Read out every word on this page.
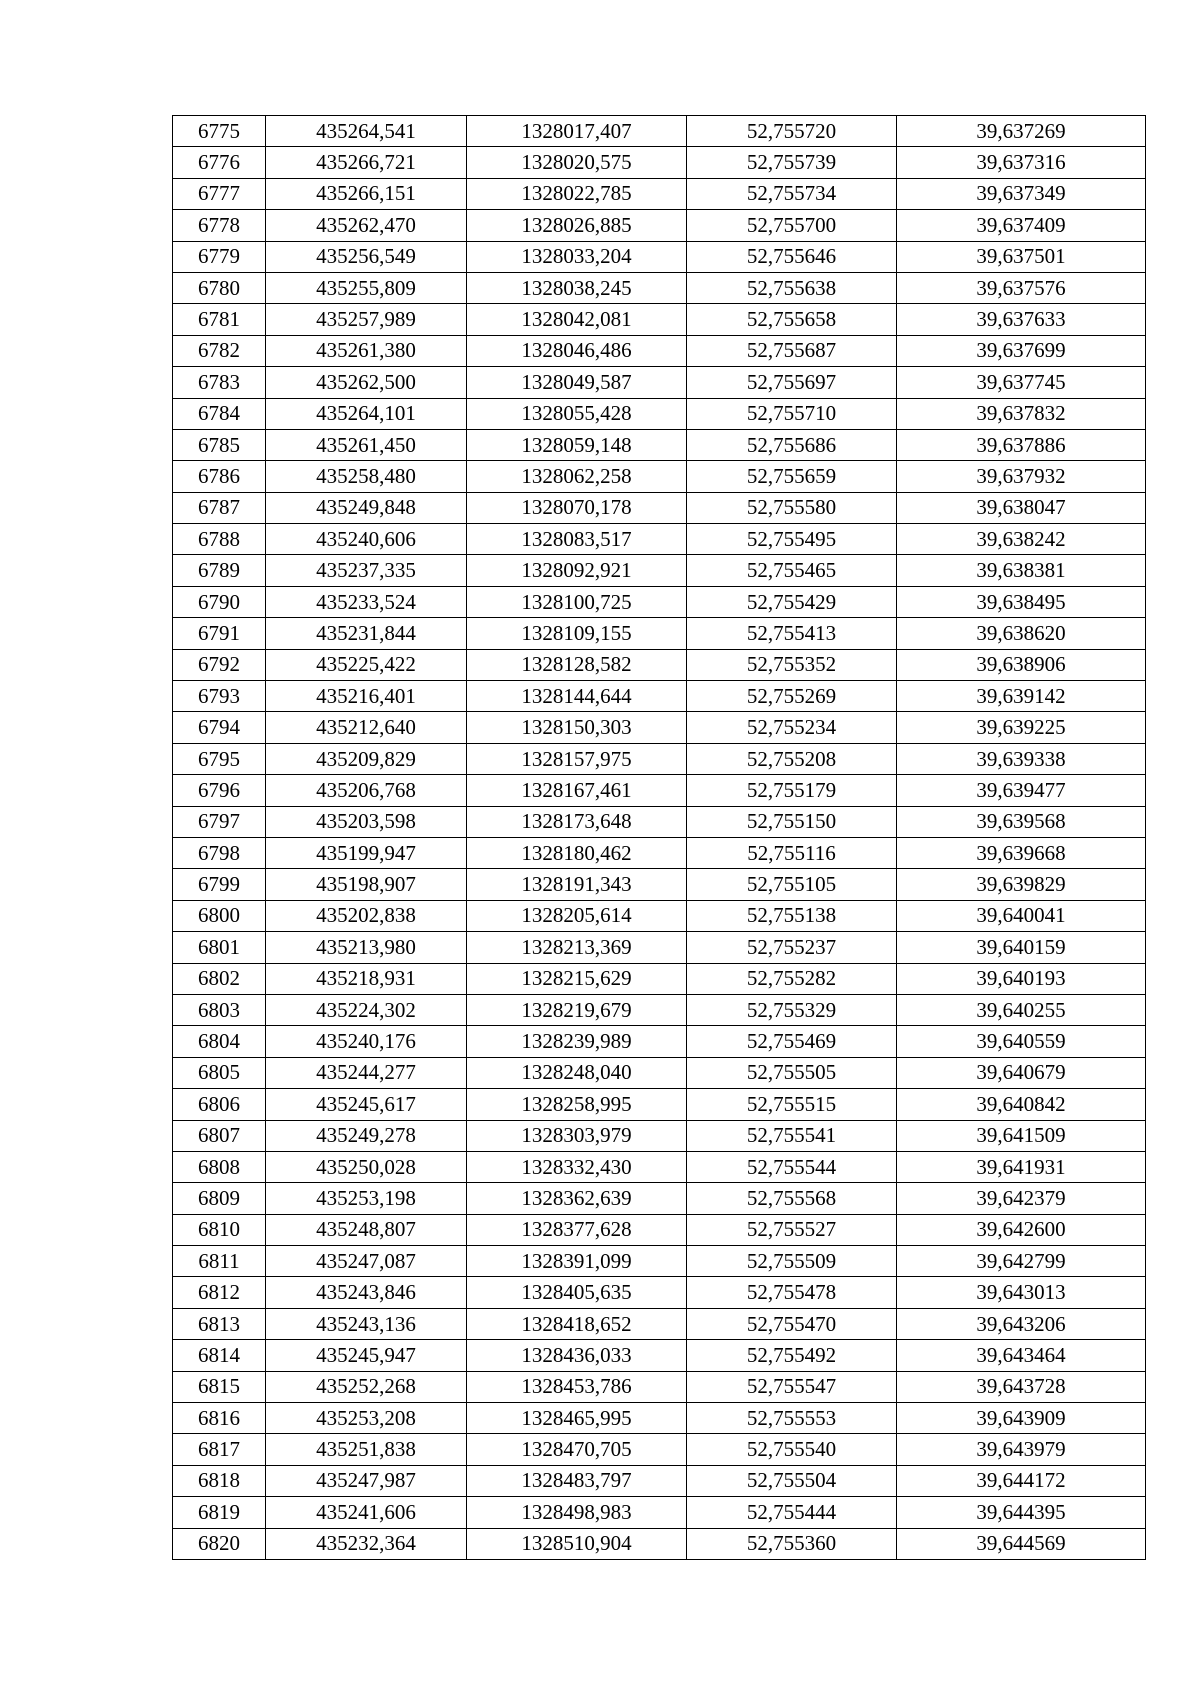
6775	435264,541	1328017,407	52,755720	39,637269
6776	435266,721	1328020,575	52,755739	39,637316
6777	435266,151	1328022,785	52,755734	39,637349
6778	435262,470	1328026,885	52,755700	39,637409
6779	435256,549	1328033,204	52,755646	39,637501
6780	435255,809	1328038,245	52,755638	39,637576
6781	435257,989	1328042,081	52,755658	39,637633
6782	435261,380	1328046,486	52,755687	39,637699
6783	435262,500	1328049,587	52,755697	39,637745
6784	435264,101	1328055,428	52,755710	39,637832
6785	435261,450	1328059,148	52,755686	39,637886
6786	435258,480	1328062,258	52,755659	39,637932
6787	435249,848	1328070,178	52,755580	39,638047
6788	435240,606	1328083,517	52,755495	39,638242
6789	435237,335	1328092,921	52,755465	39,638381
6790	435233,524	1328100,725	52,755429	39,638495
6791	435231,844	1328109,155	52,755413	39,638620
6792	435225,422	1328128,582	52,755352	39,638906
6793	435216,401	1328144,644	52,755269	39,639142
6794	435212,640	1328150,303	52,755234	39,639225
6795	435209,829	1328157,975	52,755208	39,639338
6796	435206,768	1328167,461	52,755179	39,639477
6797	435203,598	1328173,648	52,755150	39,639568
6798	435199,947	1328180,462	52,755116	39,639668
6799	435198,907	1328191,343	52,755105	39,639829
6800	435202,838	1328205,614	52,755138	39,640041
6801	435213,980	1328213,369	52,755237	39,640159
6802	435218,931	1328215,629	52,755282	39,640193
6803	435224,302	1328219,679	52,755329	39,640255
6804	435240,176	1328239,989	52,755469	39,640559
6805	435244,277	1328248,040	52,755505	39,640679
6806	435245,617	1328258,995	52,755515	39,640842
6807	435249,278	1328303,979	52,755541	39,641509
6808	435250,028	1328332,430	52,755544	39,641931
6809	435253,198	1328362,639	52,755568	39,642379
6810	435248,807	1328377,628	52,755527	39,642600
6811	435247,087	1328391,099	52,755509	39,642799
6812	435243,846	1328405,635	52,755478	39,643013
6813	435243,136	1328418,652	52,755470	39,643206
6814	435245,947	1328436,033	52,755492	39,643464
6815	435252,268	1328453,786	52,755547	39,643728
6816	435253,208	1328465,995	52,755553	39,643909
6817	435251,838	1328470,705	52,755540	39,643979
6818	435247,987	1328483,797	52,755504	39,644172
6819	435241,606	1328498,983	52,755444	39,644395
6820	435232,364	1328510,904	52,755360	39,644569
